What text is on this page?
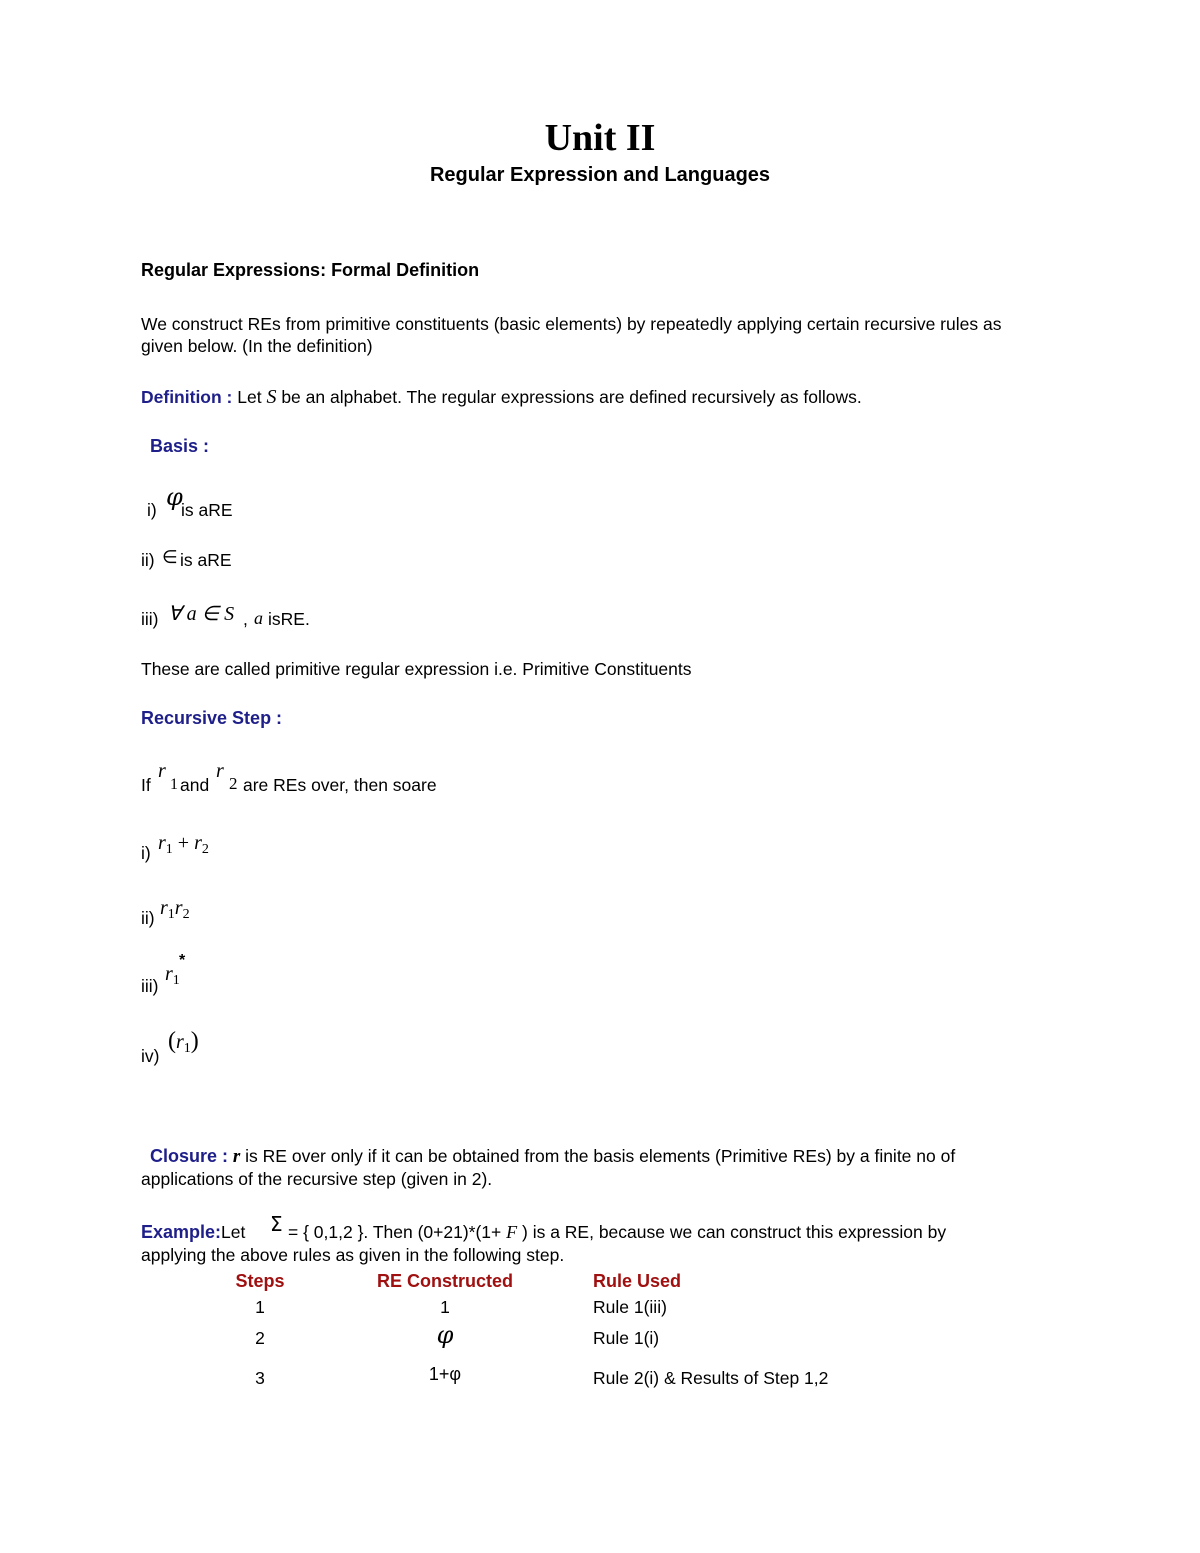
Unit II
Regular Expression and Languages
Regular Expressions: Formal Definition
We construct REs from primitive constituents (basic elements) by repeatedly applying certain recursive rules as
given below. (In the definition)
Definition : Let S be an alphabet. The regular expressions are defined recursively as follows.
Basis :
i) φ
is aRE
ii) ∈ is aRE
iii) ∀ a ∈ S , a isRE.
These are called primitive regular expression i.e. Primitive Constituents
Recursive Step :
If
r
1 and
r
2 are REs over, then soare
i) $r_1 + r_2$
ii) $r_1r_2$
iii)
$r_1$
*
iv)
$(r_1)$
Closure : r is RE over only if it can be obtained from the basis elements (Primitive REs) by a finite no of
applications of the recursive step (given in 2).
Example:Let Σ = { 0,1,2 }. Then (0+21)*(1+ F ) is a RE, because we can construct this expression by
applying the above rules as given in the following step.
Steps	RE Constructed	Rule Used
1	1	Rule 1(iii)
2	φ	Rule 1(i)
3	1+φ	Rule 2(i) & Results of Step 1,2
